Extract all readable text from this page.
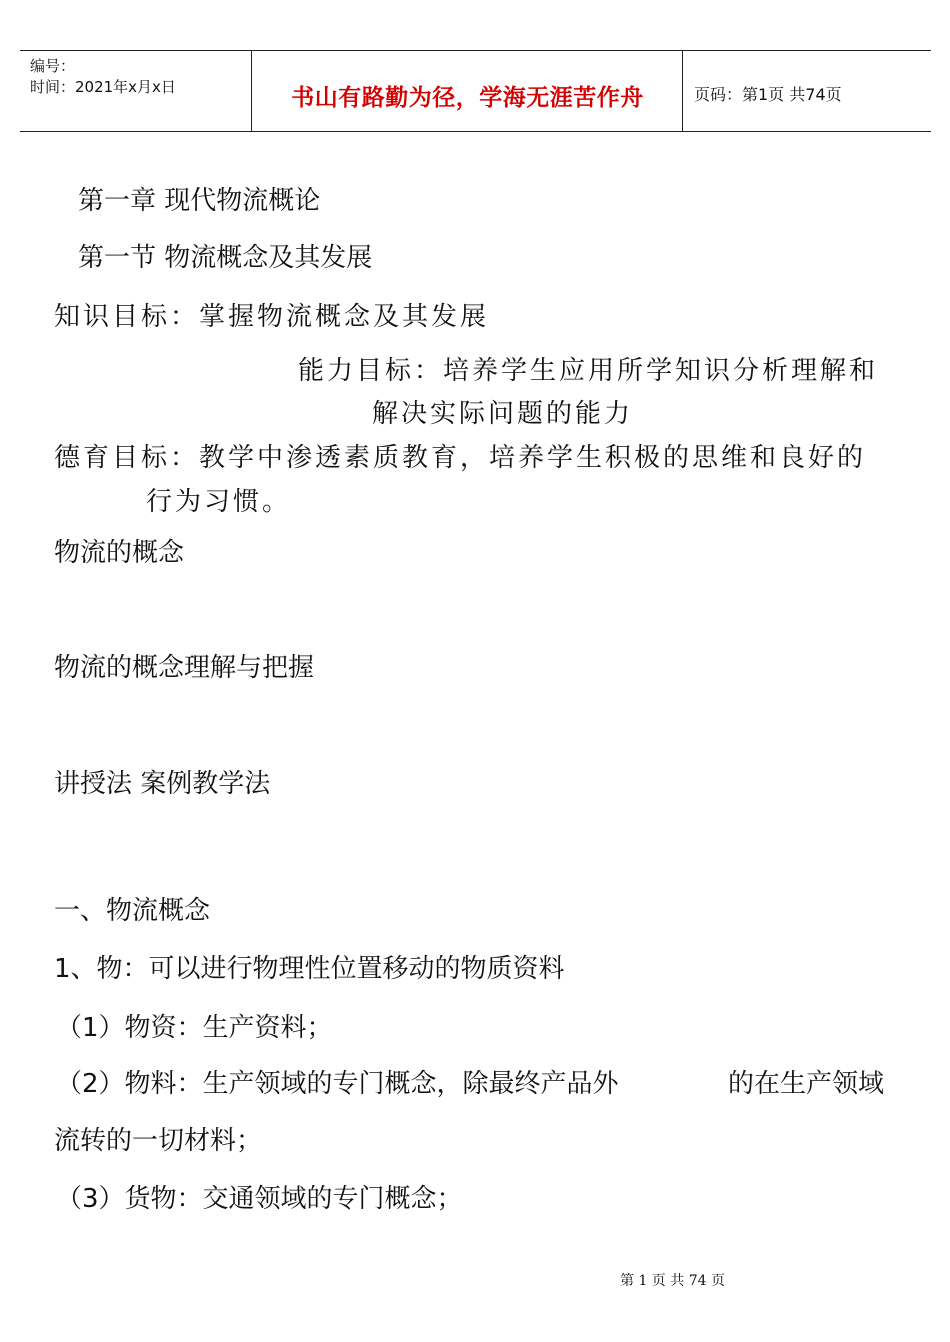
编号：
时间：2021年x月x日	书山有路勤为径，学海无涯苦作舟	页码：第1页 共74页
第一章 现代物流概论
第一节 物流概念及其发展
知识目标：掌握物流概念及其发展
能力目标：培养学生应用所学知识分析理解和
解决实际问题的能力
德育目标：教学中渗透素质教育，培养学生积极的思维和良好的
行为习惯。
物流的概念
物流的概念理解与把握
讲授法 案例教学法
一、物流概念
1、物：可以进行物理性位置移动的物质资料
（1）物资：生产资料；
（2）物料：生产领域的专门概念，除最终产品外	的在生产领域
流转的一切材料；
（3）货物：交通领域的专门概念；
第 1 页 共 74 页
